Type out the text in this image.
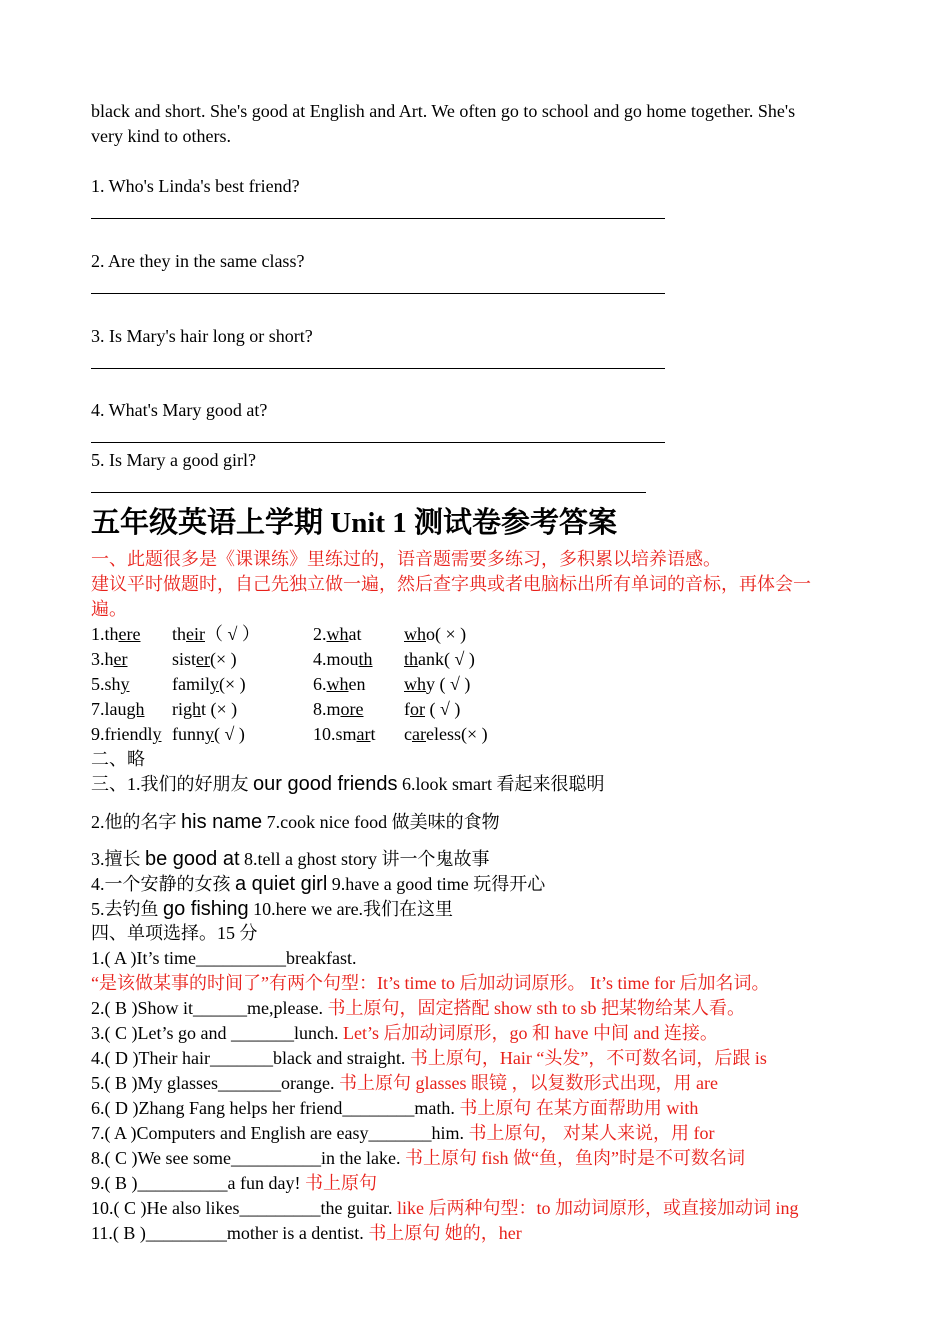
black and short. She's good at English and Art. We often go to school and go home together. She's
very kind to others.
1. Who's Linda's best friend?
2. Are they in the same class?
3. Is Mary's hair long or short?
4. What's Mary good at?
5. Is Mary a good girl?
五年级英语上学期 Unit 1 测试卷参考答案
一、此题很多是《课课练》里练过的，语音题需要多练习，多积累以培养语感。
建议平时做题时，自己先独立做一遍，然后查字典或者电脑标出所有单词的音标，再体会一
遍。
1.there their（ √ ）	2.what who( × )
3.her sister(× )	4.mouth thank( √ )
5.shy family(× )	6.when why ( √ )
7.laugh right (× )	8.more for ( √ )
9.friendly funny( √ )	10.smart careless(× )
二、略
三、1.我们的好朋友 our good friends 6.look smart 看起来很聪明
2.他的名字 his name 7.cook nice food 做美味的食物
3.擅长 be good at 8.tell a ghost story 讲一个鬼故事
4.一个安静的女孩 a quiet girl 9.have a good time 玩得开心
5.去钓鱼 go fishing 10.here we are.我们在这里
四、单项选择。15 分
1.( A )It’s time__________breakfast.
“是该做某事的时间了”有两个句型：It’s time to 后加动词原形。 It’s time for 后加名词。
2.( B )Show it______me,please. 书上原句，固定搭配 show sth to sb 把某物给某人看。
3.( C )Let’s go and _______lunch. Let’s 后加动词原形，go 和 have 中间 and 连接。
4.( D )Their hair_______black and straight. 书上原句，Hair “头发”，不可数名词，后跟 is
5.( B )My glasses_______orange. 书上原句 glasses 眼镜 ，以复数形式出现，用 are
6.( D )Zhang Fang helps her friend________math. 书上原句 在某方面帮助用 with
7.( A )Computers and English are easy_______him. 书上原句， 对某人来说，用 for
8.( C )We see some__________in the lake. 书上原句 fish 做“鱼，鱼肉”时是不可数名词
9.( B )__________a fun day! 书上原句
10.( C )He also likes_________the guitar. like 后两种句型：to 加动词原形，或直接加动词 ing
11.( B )_________mother is a dentist. 书上原句 她的，her
